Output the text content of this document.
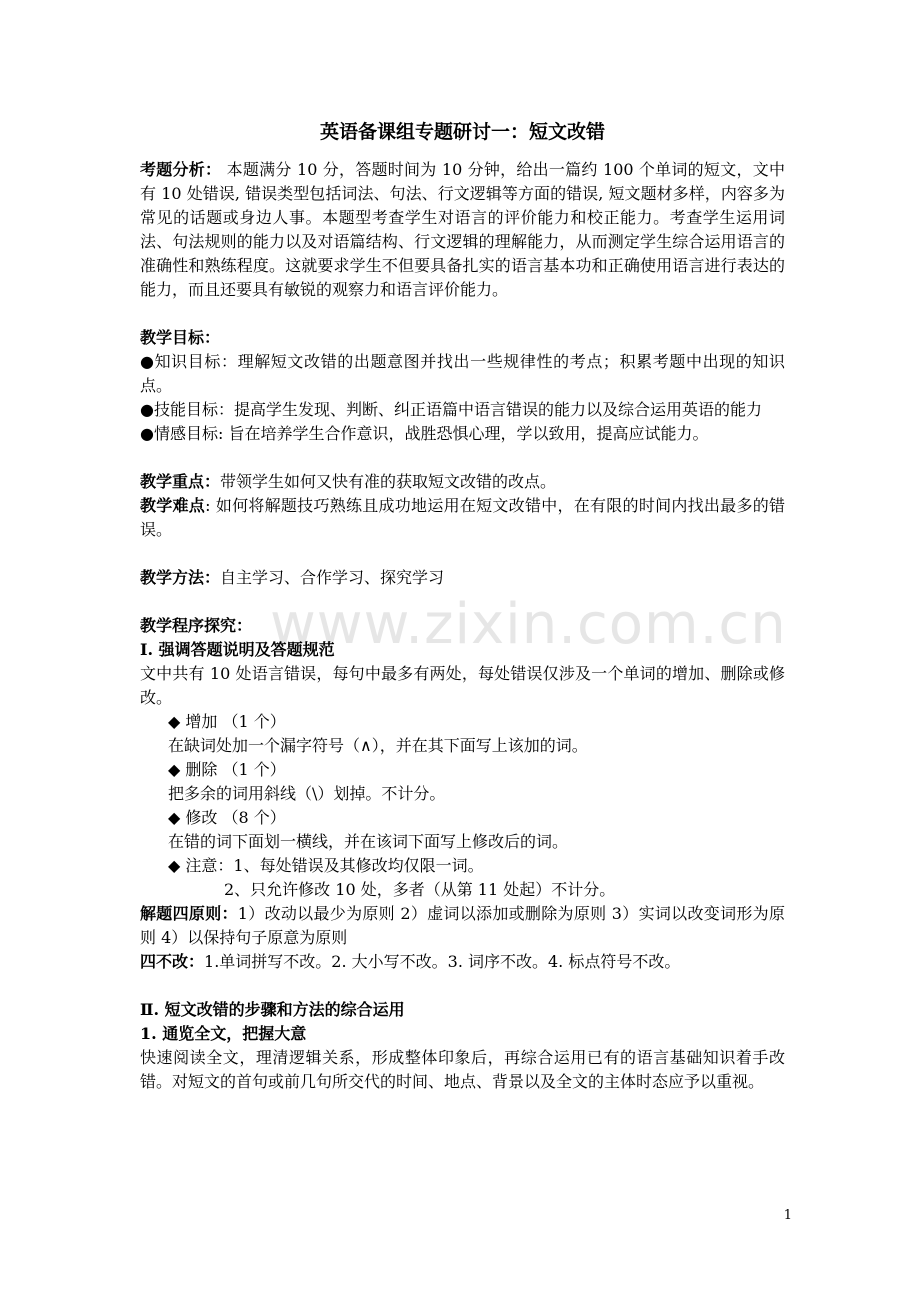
www.zixin.com.cn
英语备课组专题研讨一：短文改错

考题分析： 本题满分 10 分，答题时间为 10 分钟，给出一篇约 100 个单词的短文，文中有 10 处错误, 错误类型包括词法、句法、行文逻辑等方面的错误, 短文题材多样，内容多为常见的话题或身边人事。本题型考查学生对语言的评价能力和校正能力。考查学生运用词法、句法规则的能力以及对语篇结构、行文逻辑的理解能力，从而测定学生综合运用语言的准确性和熟练程度。这就要求学生不但要具备扎实的语言基本功和正确使用语言进行表达的能力，而且还要具有敏锐的观察力和语言评价能力。

教学目标：

●知识目标：理解短文改错的出题意图并找出一些规律性的考点；积累考题中出现的知识点。

●技能目标：提高学生发现、判断、纠正语篇中语言错误的能力以及综合运用英语的能力

●情感目标: 旨在培养学生合作意识，战胜恐惧心理，学以致用，提高应试能力。

教学重点：带领学生如何又快有准的获取短文改错的改点。

教学难点: 如何将解题技巧熟练且成功地运用在短文改错中，在有限的时间内找出最多的错误。

教学方法：自主学习、合作学习、探究学习

教学程序探究：

Ⅰ. 强调答题说明及答题规范

文中共有 10 处语言错误，每句中最多有两处，每处错误仅涉及一个单词的增加、删除或修改。

◆ 增加 （1 个）

在缺词处加一个漏字符号（∧），并在其下面写上该加的词。

◆ 删除 （1 个）

把多余的词用斜线（\）划掉。不计分。

◆ 修改 （8 个）

在错的词下面划一横线，并在该词下面写上修改后的词。

◆ 注意：1、每处错误及其修改均仅限一词。

2、只允许修改 10 处，多者（从第 11 处起）不计分。

解题四原则：1）改动以最少为原则 2）虚词以添加或删除为原则 3）实词以改变词形为原则 4）以保持句子原意为原则

四不改：1.单词拼写不改。2. 大小写不改。3. 词序不改。4. 标点符号不改。

Ⅱ. 短文改错的步骤和方法的综合运用

1. 通览全文，把握大意

快速阅读全文，理清逻辑关系，形成整体印象后，再综合运用已有的语言基础知识着手改错。对短文的首句或前几句所交代的时间、地点、背景以及全文的主体时态应予以重视。

1
